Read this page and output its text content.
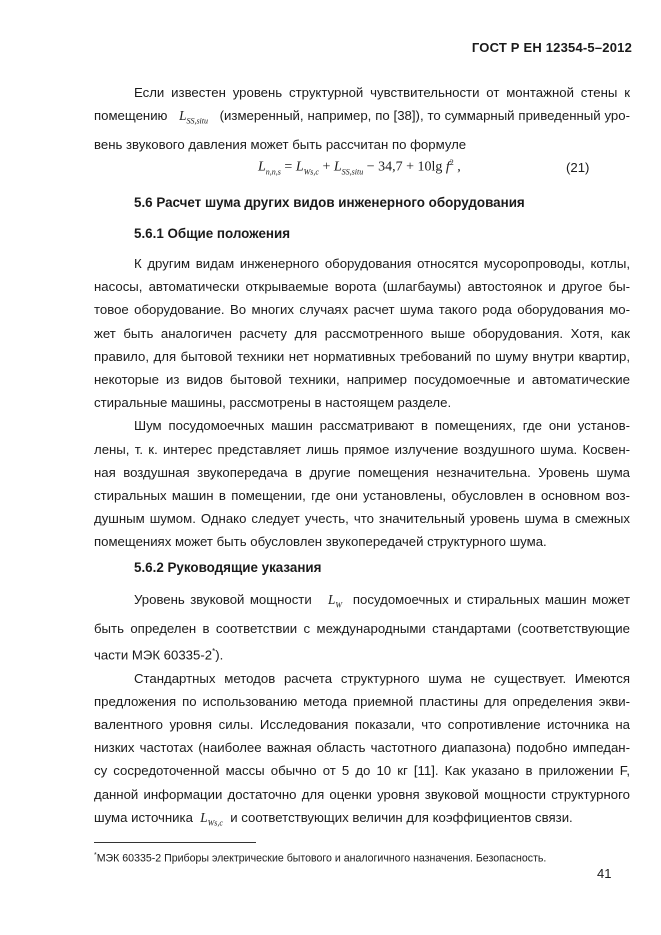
ГОСТ Р ЕН 12354-5–2012
Если известен уровень структурной чувствительности от монтажной стены к
помещению $L_{SS,situ}$ (измеренный, например, по [38]), то суммарный приведенный уро-
вень звукового давления может быть рассчитан по формуле
$L_{n,n,s} = L_{Ws,c} + L_{SS,situ} - 34,7 + 10\lg$ $f^2$ ,	(21)
5.6 Расчет шума других видов инженерного оборудования
5.6.1 Общие положения
К другим видам инженерного оборудования относятся мусоропроводы, котлы,
насосы, автоматически открываемые ворота (шлагбаумы) автостоянок и другое бы-
товое оборудование. Во многих случаях расчет шума такого рода оборудования мо-
жет быть аналогичен расчету для рассмотренного выше оборудования. Хотя, как
правило, для бытовой техники нет нормативных требований по шуму внутри квартир,
некоторые из видов бытовой техники, например посудомоечные и автоматические
стиральные машины, рассмотрены в настоящем разделе.
Шум посудомоечных машин рассматривают в помещениях, где они установ-
лены, т. к. интерес представляет лишь прямое излучение воздушного шума. Косвен-
ная воздушная звукопередача в другие помещения незначительна. Уровень шума
стиральных машин в помещении, где они установлены, обусловлен в основном воз-
душным шумом. Однако следует учесть, что значительный уровень шума в смежных
помещениях может быть обусловлен звукопередачей структурного шума.
5.6.2 Руководящие указания
Уровень звуковой мощности $L_W$ посудомоечных и стиральных машин может
быть определен в соответствии с международными стандартами (соответствующие
части МЭК 60335-2*).
Стандартных методов расчета структурного шума не существует. Имеются
предложения по использованию метода приемной пластины для определения экви-
валентного уровня силы. Исследования показали, что сопротивление источника на
низких частотах (наиболее важная область частотного диапазона) подобно импедан-
су сосредоточенной массы обычно от 5 до 10 кг [11]. Как указано в приложении F,
данной информации достаточно для оценки уровня звуковой мощности структурного
шума источника $L_{Ws,c}$ и соответствующих величин для коэффициентов связи.
*МЭК 60335-2 Приборы электрические бытового и аналогичного назначения. Безопасность.
41
